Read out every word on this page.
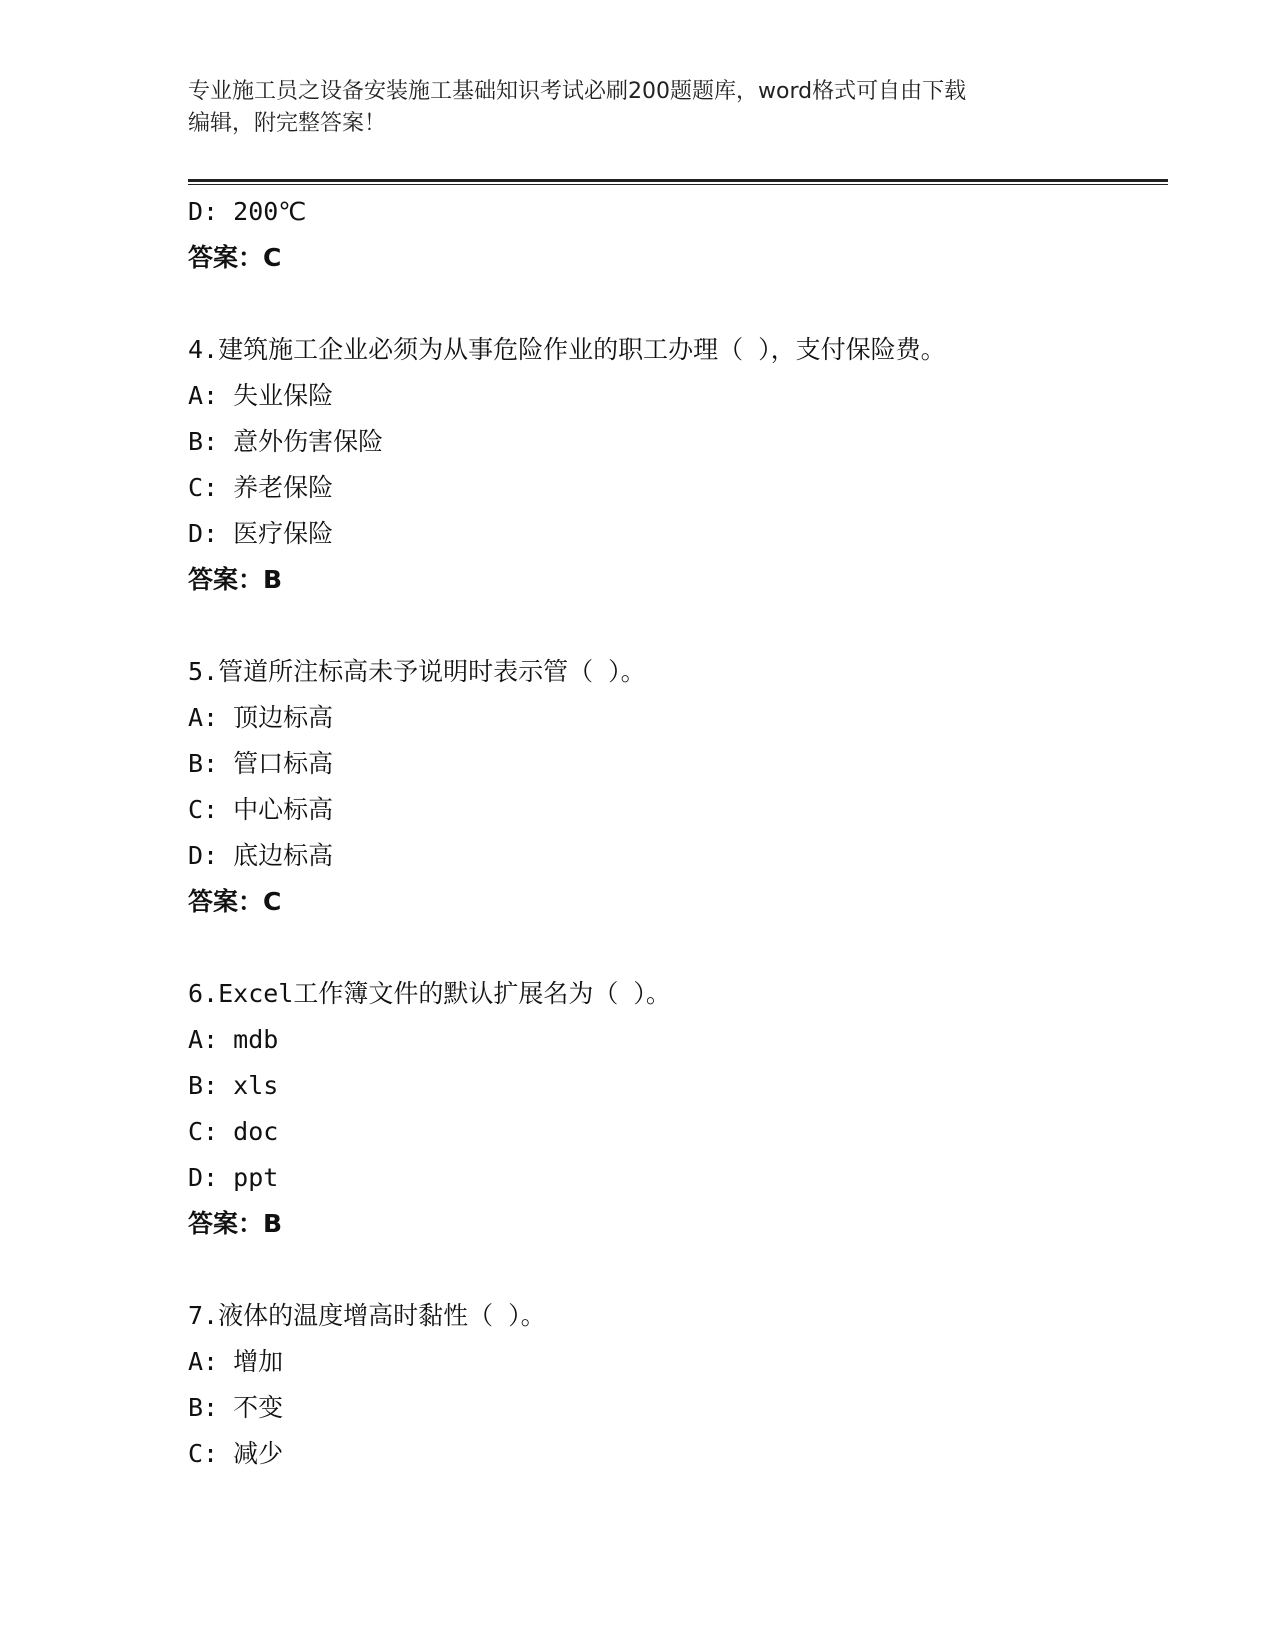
专业施工员之设备安装施工基础知识考试必刷200题题库，word格式可自由下载
编辑，附完整答案！
D: 200℃
答案：C
4.建筑施工企业必须为从事危险作业的职工办理（ ），支付保险费。
A: 失业保险
B: 意外伤害保险
C: 养老保险
D: 医疗保险
答案：B
5.管道所注标高未予说明时表示管（ ）。
A: 顶边标高
B: 管口标高
C: 中心标高
D: 底边标高
答案：C
6.Excel工作簿文件的默认扩展名为（ ）。
A: mdb
B: xls
C: doc
D: ppt
答案：B
7.液体的温度增高时黏性（ ）。
A: 增加
B: 不变
C: 减少
